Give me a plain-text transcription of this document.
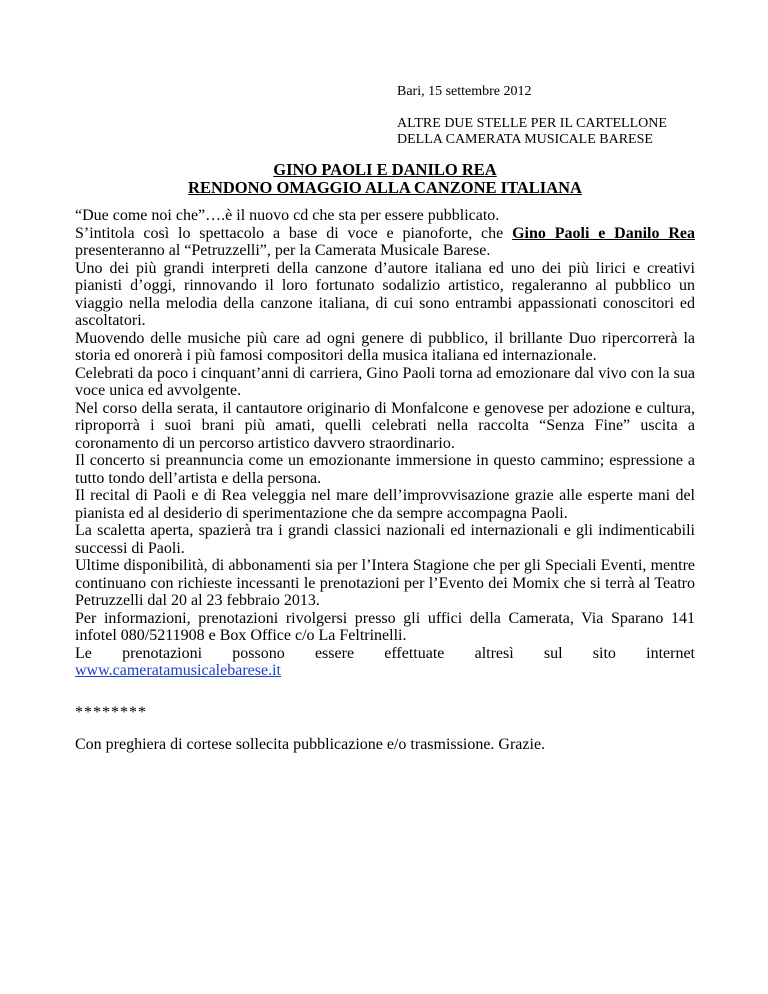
Bari, 15 settembre 2012

ALTRE DUE STELLE PER IL CARTELLONE

DELLA CAMERATA MUSICALE BARESE

GINO PAOLI E DANILO REA
RENDONO OMAGGIO ALLA CANZONE ITALIANA

“Due come noi che”….è il nuovo cd che sta per essere pubblicato.

S’intitola così lo spettacolo a base di voce e pianoforte, che Gino Paoli e Danilo Rea presenteranno al “Petruzzelli”, per la Camerata Musicale Barese.

Uno dei più grandi interpreti della canzone d’autore italiana ed uno dei più lirici e creativi pianisti d’oggi, rinnovando il loro fortunato sodalizio artistico, regaleranno al pubblico un viaggio nella melodia della canzone italiana, di cui sono entrambi appassionati conoscitori ed ascoltatori.

Muovendo delle musiche più care ad ogni genere di pubblico, il brillante Duo ripercorrerà la storia ed onorerà i più famosi compositori della musica italiana ed internazionale.

Celebrati da poco i cinquant’anni di carriera, Gino Paoli torna ad emozionare dal vivo con la sua voce unica ed avvolgente.

Nel corso della serata, il cantautore originario di Monfalcone e genovese per adozione e cultura, riproporrà i suoi brani più amati, quelli celebrati nella raccolta “Senza Fine” uscita a coronamento di un percorso artistico davvero straordinario.

Il concerto si preannuncia come un emozionante immersione in questo cammino; espressione a tutto tondo dell’artista e della persona.

Il recital di Paoli e di Rea veleggia nel mare dell’improvvisazione grazie alle esperte mani del pianista ed al desiderio di sperimentazione che da sempre accompagna Paoli.

La scaletta aperta, spazierà tra i grandi classici nazionali ed internazionali e gli indimenticabili successi di Paoli.

Ultime disponibilità, di abbonamenti sia per l’Intera Stagione che per gli Speciali Eventi, mentre continuano con richieste incessanti le prenotazioni per l’Evento dei Momix che si terrà al Teatro Petruzzelli dal 20 al 23 febbraio 2013.

Per informazioni, prenotazioni rivolgersi presso gli uffici della Camerata, Via Sparano 141 infotel 080/5211908 e Box Office c/o La Feltrinelli.

Le prenotazioni possono essere effettuate altresì sul sito internet

www.cameratamusicalebarese.it

********
Con preghiera di cortese sollecita pubblicazione e/o trasmissione. Grazie.
